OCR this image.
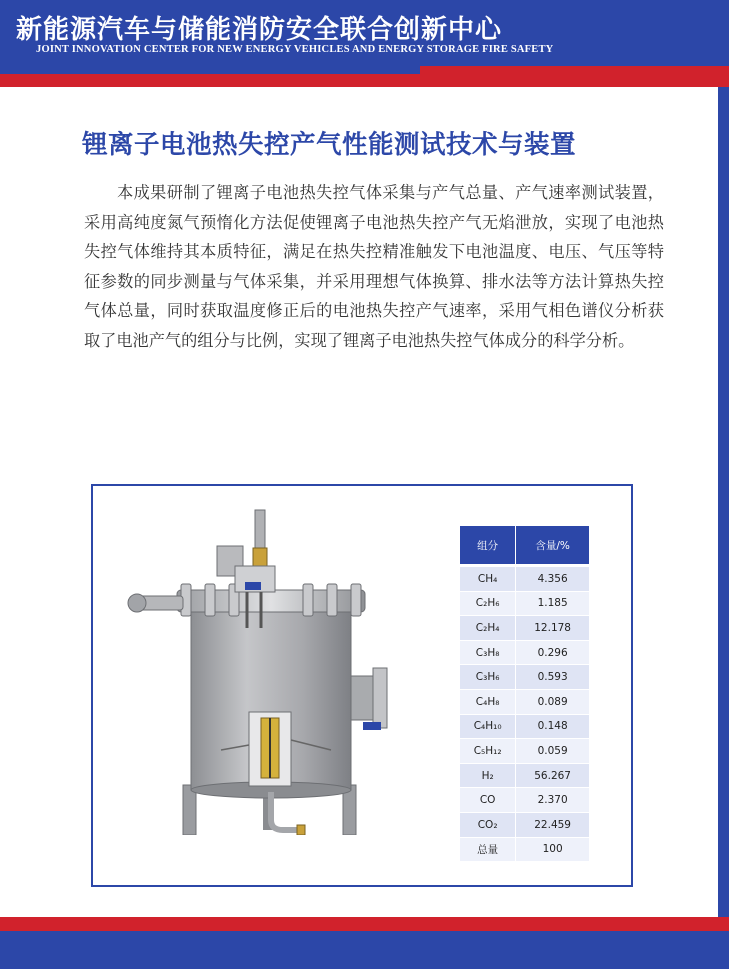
新能源汽车与储能消防安全联合创新中心
JOINT INNOVATION CENTER FOR NEW ENERGY VEHICLES AND ENERGY STORAGE FIRE SAFETY
锂离子电池热失控产气性能测试技术与装置

本成果研制了锂离子电池热失控气体采集与产气总量、产气速率测试装置，采用高纯度氮气预惰化方法促使锂离子电池热失控产气无焰泄放，实现了电池热失控气体维持其本质特征，满足在热失控精准触发下电池温度、电压、气压等特征参数的同步测量与气体采集，并采用理想气体换算、排水法等方法计算热失控气体总量，同时获取温度修正后的电池热失控产气速率，采用气相色谱仪分析获取了电池产气的组分与比例，实现了锂离子电池热失控气体成分的科学分析。

组分	含量/%
CH₄	4.356
C₂H₆	1.185
C₂H₄	12.178
C₃H₈	0.296
C₃H₆	0.593
C₄H₈	0.089
C₄H₁₀	0.148
C₅H₁₂	0.059
H₂	56.267
CO	2.370
CO₂	22.459
总量	100
